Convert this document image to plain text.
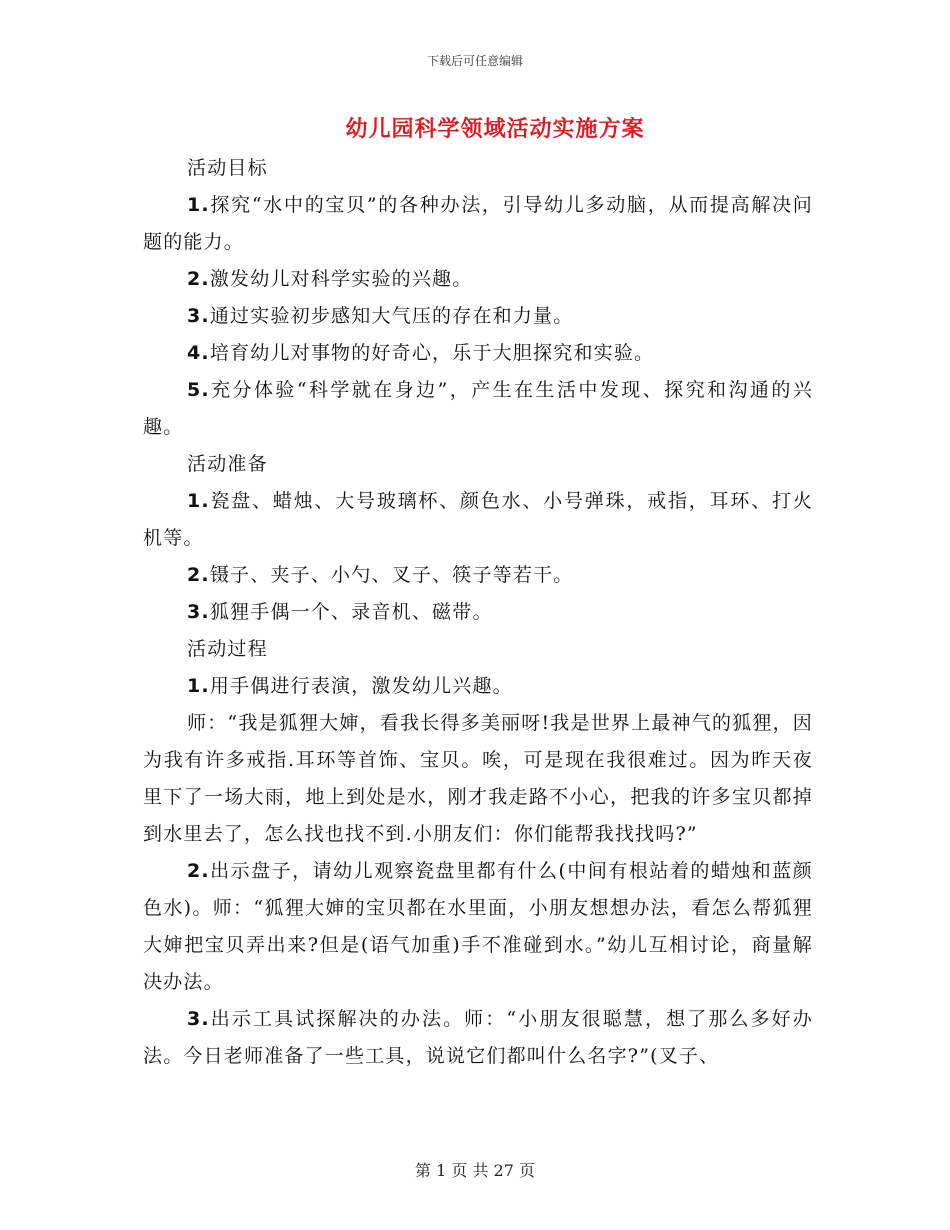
下载后可任意编辑
幼儿园科学领域活动实施方案

活动目标

1.探究“水中的宝贝”的各种办法，引导幼儿多动脑，从而提高解决问题的能力。

2.激发幼儿对科学实验的兴趣。

3.通过实验初步感知大气压的存在和力量。

4.培育幼儿对事物的好奇心，乐于大胆探究和实验。

5.充分体验“科学就在身边”，产生在生活中发现、探究和沟通的兴趣。

活动准备

1.瓷盘、蜡烛、大号玻璃杯、颜色水、小号弹珠，戒指，耳环、打火机等。

2.镊子、夹子、小勺、叉子、筷子等若干。

3.狐狸手偶一个、录音机、磁带。

活动过程

1.用手偶进行表演，激发幼儿兴趣。

师：“我是狐狸大婶，看我长得多美丽呀!我是世界上最神气的狐狸，因为我有许多戒指.耳环等首饰、宝贝。唉，可是现在我很难过。因为昨天夜里下了一场大雨，地上到处是水，刚才我走路不小心，把我的许多宝贝都掉到水里去了，怎么找也找不到.小朋友们：你们能帮我找找吗?”

2.出示盘子，请幼儿观察瓷盘里都有什么(中间有根站着的蜡烛和蓝颜色水)。师：“狐狸大婶的宝贝都在水里面，小朋友想想办法，看怎么帮狐狸大婶把宝贝弄出来?但是(语气加重)手不准碰到水。”幼儿互相讨论，商量解决办法。

3.出示工具试探解决的办法。师：“小朋友很聪慧，想了那么多好办法。今日老师准备了一些工具，说说它们都叫什么名字?”(叉子、

第 1 页 共 27 页
